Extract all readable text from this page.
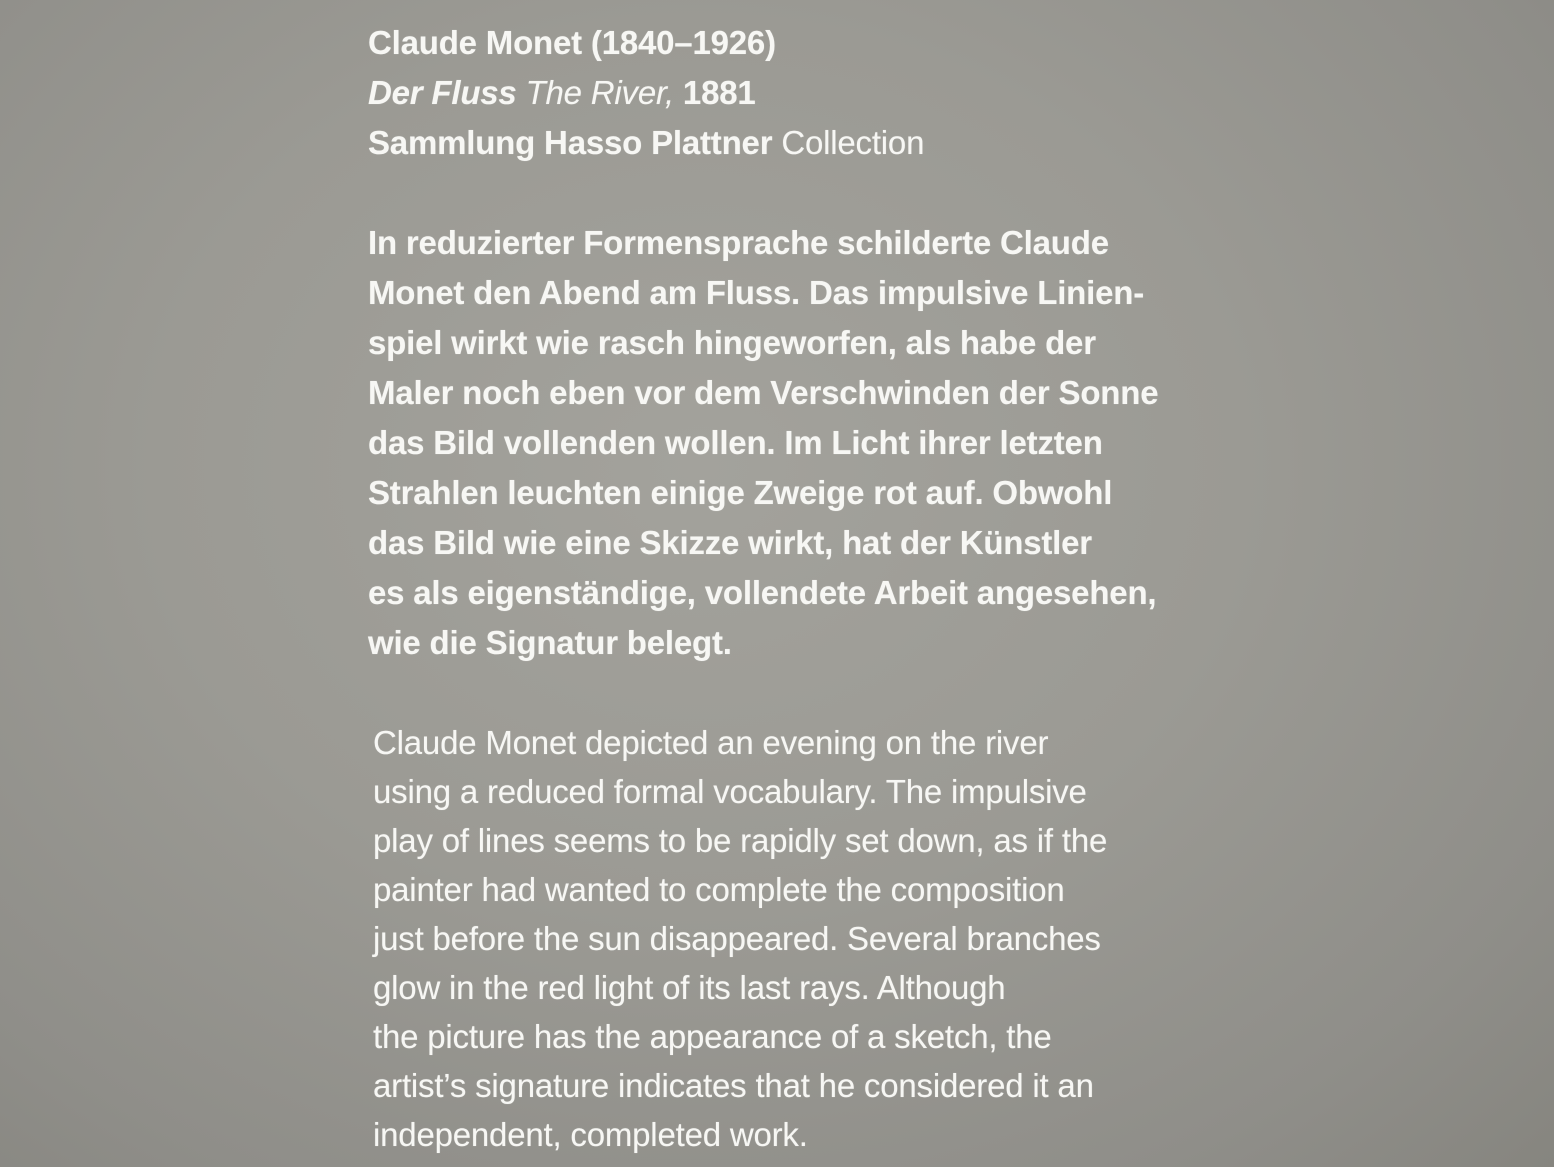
Claude Monet (1840–1926)
Der Fluss The River, 1881
Sammlung Hasso Plattner Collection
In reduzierter Formensprache schilderte Claude
Monet den Abend am Fluss. Das impulsive Linien-
spiel wirkt wie rasch hingeworfen, als habe der
Maler noch eben vor dem Verschwinden der Sonne
das Bild vollenden wollen. Im Licht ihrer letzten
Strahlen leuchten einige Zweige rot auf. Obwohl
das Bild wie eine Skizze wirkt, hat der Künstler
es als eigenständige, vollendete Arbeit angesehen,
wie die Signatur belegt.
Claude Monet depicted an evening on the river
using a reduced formal vocabulary. The impulsive
play of lines seems to be rapidly set down, as if the
painter had wanted to complete the composition
just before the sun disappeared. Several branches
glow in the red light of its last rays. Although
the picture has the appearance of a sketch, the
artist’s signature indicates that he considered it an
independent, completed work.
